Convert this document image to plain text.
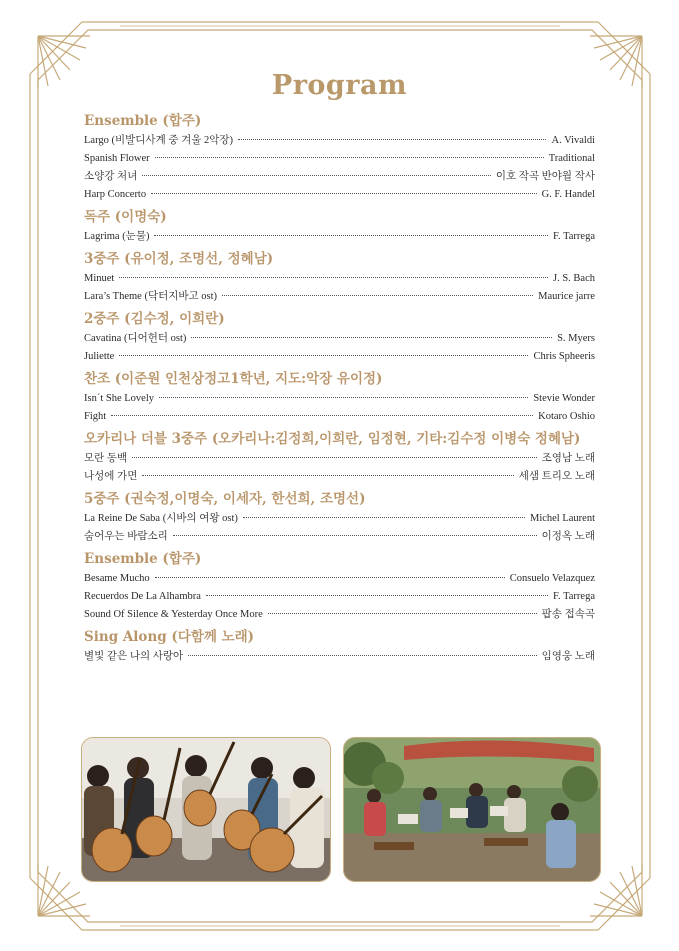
Program
Ensemble (합주)
Largo (비발디사계 중 겨울 2악장)	A. Vivaldi
Spanish Flower	Traditional
소양강 처녀	이호 작곡 반야월 작사
Harp Concerto	G. F. Handel
독주 (이명숙)
Lagrima (눈물)	F. Tarrega
3중주 (유이정, 조명선, 정혜남)
Minuet	J. S. Bach
Lara’s Theme (닥터지바고 ost)	Maurice jarre
2중주 (김수정, 이희란)
Cavatina (디어헌터 ost)	S. Myers
Juliette	Chris Spheeris
찬조 (이준원 인천상정고1학년, 지도:악장 유이정)
Isn´t She Lovely	Stevie Wonder
Fight	Kotaro Oshio
오카리나 더블 3중주 (오카리나:김정희,이희란, 임정현, 기타:김수정 이병숙 정혜남)
모란 동백	조영남 노래
나성에 가면	세샘 트리오 노래
5중주 (권숙정,이명숙, 이세자, 한선희, 조명선)
La Reine De Saba (시바의 여왕 ost)	Michel Laurent
숨어우는 바람소리	이정옥 노래
Ensemble (합주)
Besame Mucho	Consuelo Velazquez
Recuerdos De La Alhambra	F. Tarrega
Sound Of Silence & Yesterday Once More	팝송 접속곡
Sing Along (다함께 노래)
별빛 같은 나의 사랑아	임영웅 노래
